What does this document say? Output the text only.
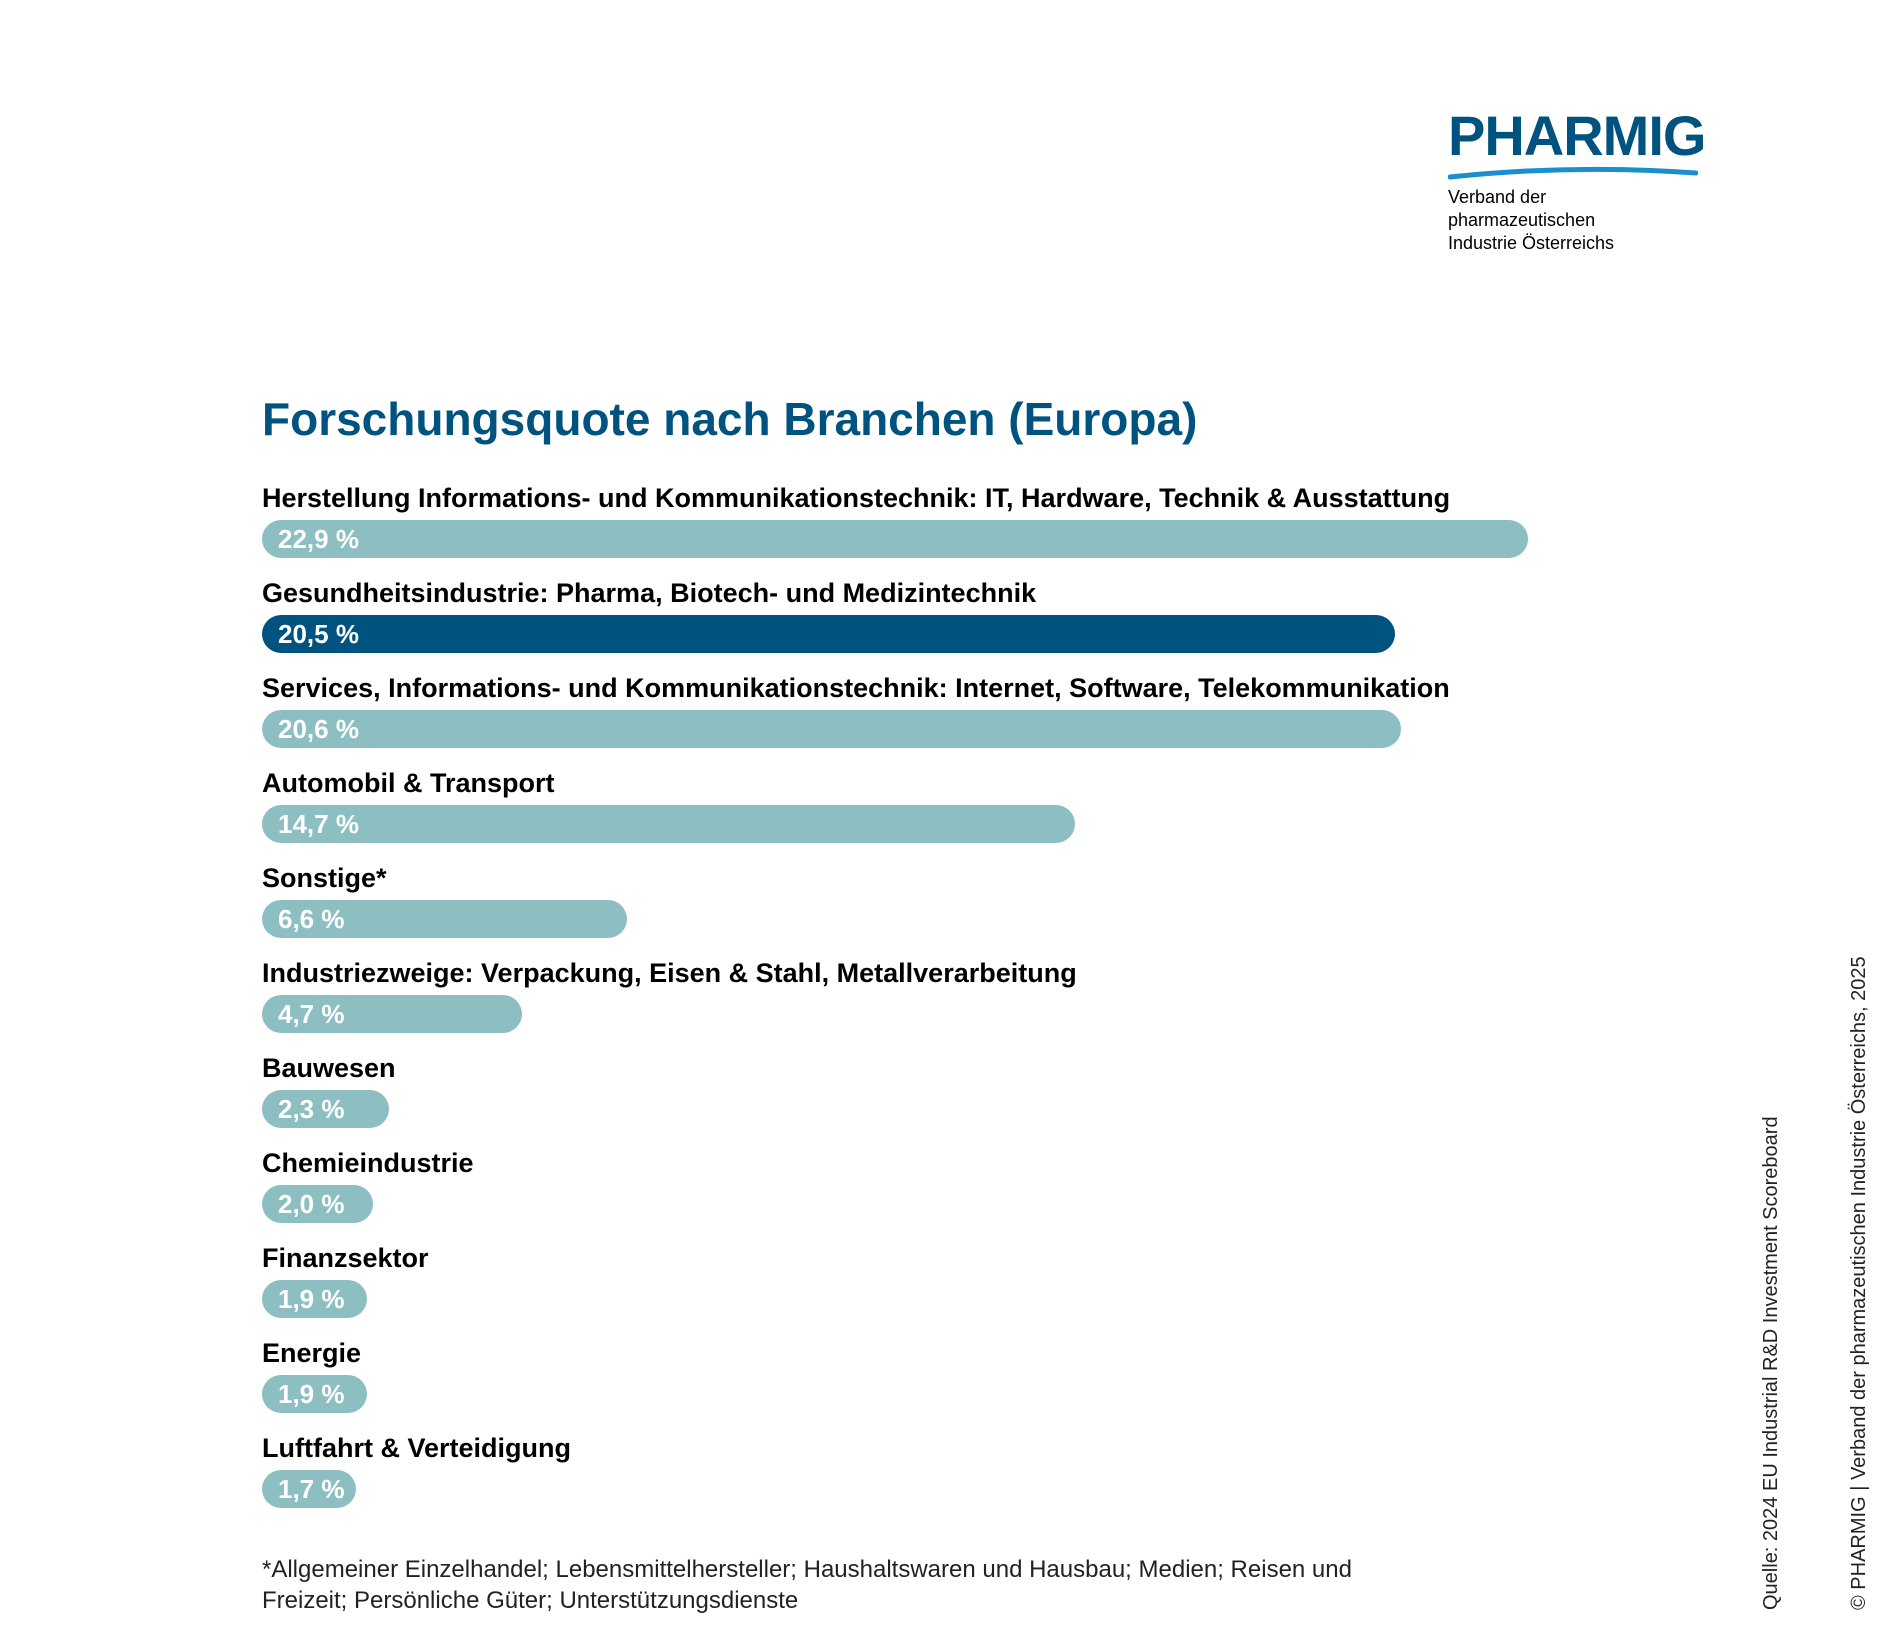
PHARMIG
Verband der pharmazeutischen
Industrie Österreichs
Forschungsquote nach Branchen (Europa)
Herstellung Informations- und Kommunikationstechnik: IT, Hardware, Technik & Ausstattung
22,9 %
Gesundheitsindustrie: Pharma, Biotech- und Medizintechnik
20,5 %
Services, Informations- und Kommunikationstechnik: Internet, Software, Telekommunikation
20,6 %
Automobil & Transport
14,7 %
Sonstige*
6,6 %
Industriezweige: Verpackung, Eisen & Stahl, Metallverarbeitung
4,7 %
Bauwesen
2,3 %
Chemieindustrie
2,0 %
Finanzsektor
1,9 %
Energie
1,9 %
Luftfahrt & Verteidigung
1,7 %
*Allgemeiner Einzelhandel; Lebensmittelhersteller; Haushaltswaren und Hausbau; Medien; Reisen und Freizeit; Persönliche Güter; Unterstützungsdienste	Quelle: 2024 EU Industrial R&D Investment Scoreboard	© PHARMIG | Verband der pharmazeutischen Industrie Österreichs, 2025
